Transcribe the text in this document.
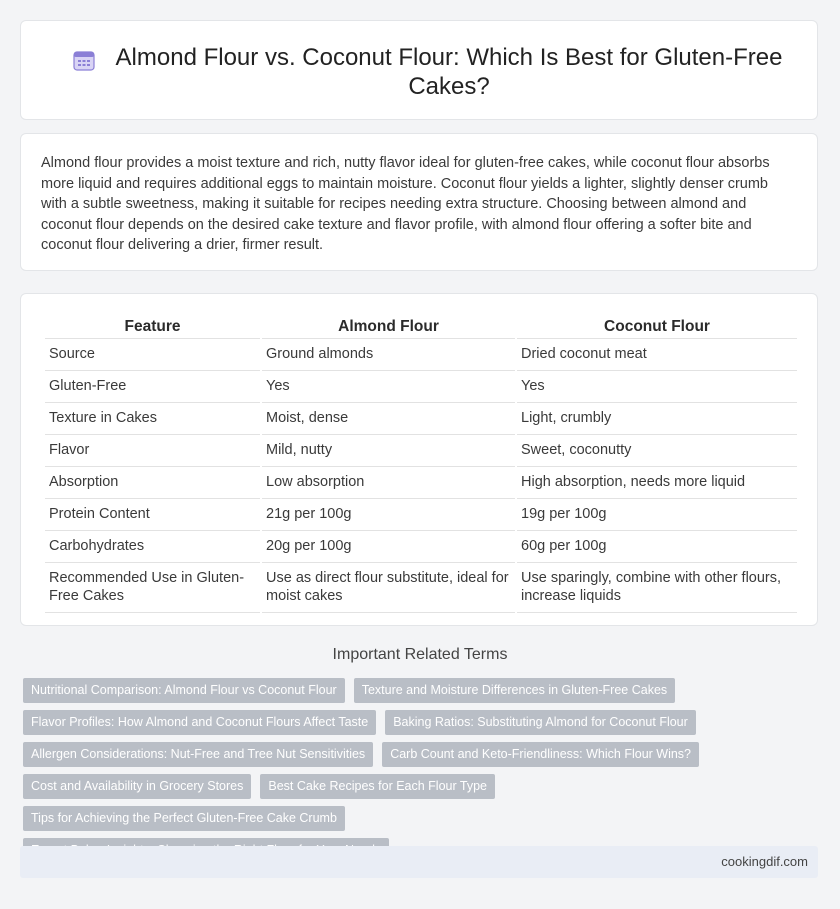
Almond Flour vs. Coconut Flour: Which Is Best for Gluten-Free Cakes?
Almond flour provides a moist texture and rich, nutty flavor ideal for gluten-free cakes, while coconut flour absorbs more liquid and requires additional eggs to maintain moisture. Coconut flour yields a lighter, slightly denser crumb with a subtle sweetness, making it suitable for recipes needing extra structure. Choosing between almond and coconut flour depends on the desired cake texture and flavor profile, with almond flour offering a softer bite and coconut flour delivering a drier, firmer result.
Feature	Almond Flour	Coconut Flour
Source	Ground almonds	Dried coconut meat
Gluten-Free	Yes	Yes
Texture in Cakes	Moist, dense	Light, crumbly
Flavor	Mild, nutty	Sweet, coconutty
Absorption	Low absorption	High absorption, needs more liquid
Protein Content	21g per 100g	19g per 100g
Carbohydrates	20g per 100g	60g per 100g
Recommended Use in Gluten-Free Cakes	Use as direct flour substitute, ideal for moist cakes	Use sparingly, combine with other flours, increase liquids
Important Related Terms
Nutritional Comparison: Almond Flour vs Coconut Flour Texture and Moisture Differences in Gluten-Free Cakes
Flavor Profiles: How Almond and Coconut Flours Affect Taste Baking Ratios: Substituting Almond for Coconut Flour
Allergen Considerations: Nut-Free and Tree Nut Sensitivities Carb Count and Keto-Friendliness: Which Flour Wins?
Cost and Availability in Grocery Stores Best Cake Recipes for Each Flour TypeTips for Achieving the Perfect Gluten-Free Cake Crumb

cookingdif.com
